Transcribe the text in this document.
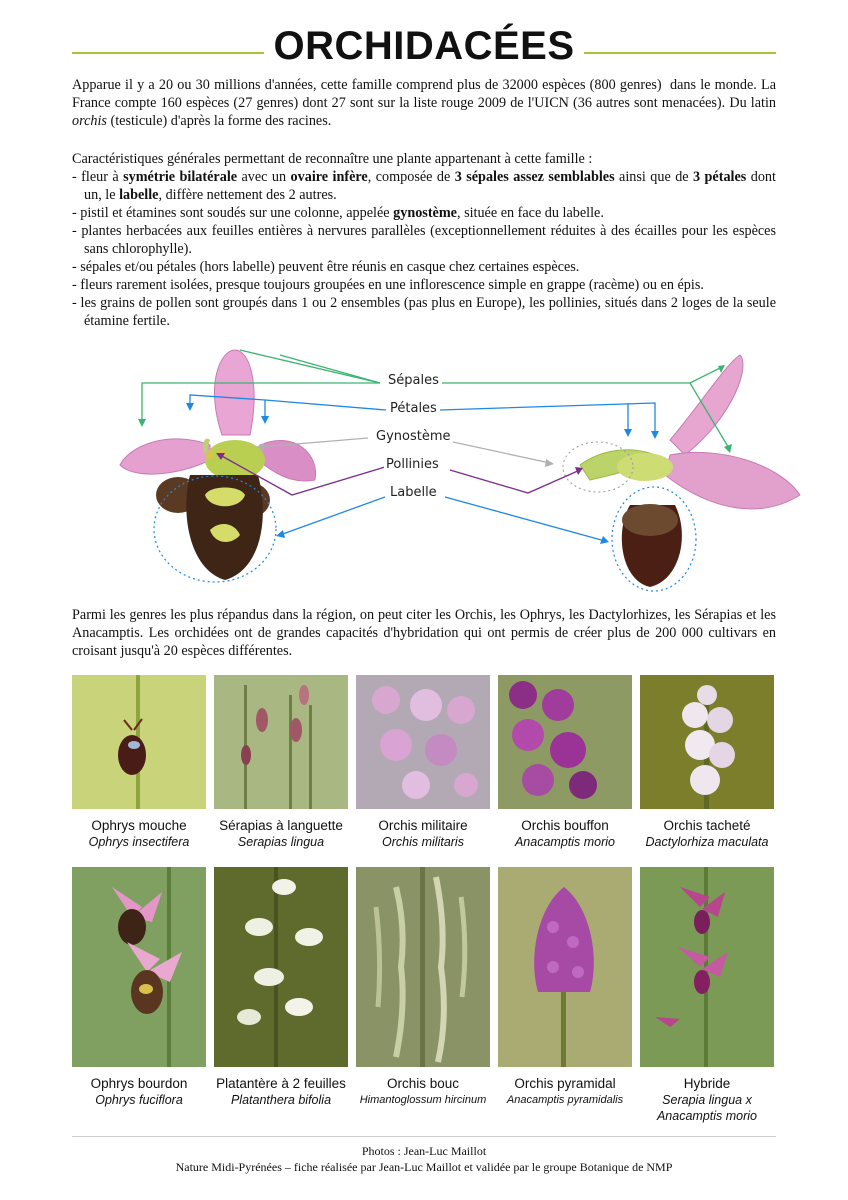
ORCHIDACÉES

Apparue il y a 20 ou 30 millions d'années, cette famille comprend plus de 32000 espèces (800 genres)  dans le monde. La France compte 160 espèces (27 genres) dont 27 sont sur la liste rouge 2009 de l'UICN (36 autres sont menacées). Du latin orchis (testicule) d'après la forme des racines.

Caractéristiques générales permettant de reconnaître une plante appartenant à cette famille :

- fleur à symétrie bilatérale avec un ovaire infère, composée de 3 sépales assez semblables ainsi que de 3 pétales dont un, le labelle, diffère nettement des 2 autres.
- pistil et étamines sont soudés sur une colonne, appelée gynostème, située en face du labelle.
- plantes herbacées aux feuilles entières à nervures parallèles (exceptionnellement réduites à des écailles pour les espèces sans chlorophylle).
- sépales et/ou pétales (hors labelle) peuvent être réunis en casque chez certaines espèces.
- fleurs rarement isolées, presque toujours groupées en une inflorescence simple en grappe (racème) ou en épis.
- les grains de pollen sont groupés dans 1 ou 2 ensembles (pas plus en Europe), les pollinies, situés dans 2 loges de la seule étamine fertile.
Sépales
Pétales
Gynostème
Pollinies
Labelle

Parmi les genres les plus répandus dans la région, on peut citer les Orchis, les Ophrys, les Dactylorhizes, les Sérapias et les Anacamptis. Les orchidées ont de grandes capacités d'hybridation qui ont permis de créer plus de 200 000 cultivars en croisant jusqu'à 20 espèces différentes.

Ophrys mouche
Ophrys insectifera
Sérapias à languette
Serapias lingua
Orchis militaire
Orchis militaris
Orchis bouffon
Anacamptis morio
Orchis tacheté
Dactylorhiza maculata
Ophrys bourdon
Ophrys fuciflora
Platantère à 2 feuilles
Platanthera bifolia
Orchis bouc
Himantoglossum hircinum
Orchis pyramidal
Anacamptis pyramidalis
Hybride
Serapia lingua x
Anacamptis morio
Photos : Jean-Luc Maillot
Nature Midi-Pyrénées – fiche réalisée par Jean-Luc Maillot et validée par le groupe Botanique de NMP
